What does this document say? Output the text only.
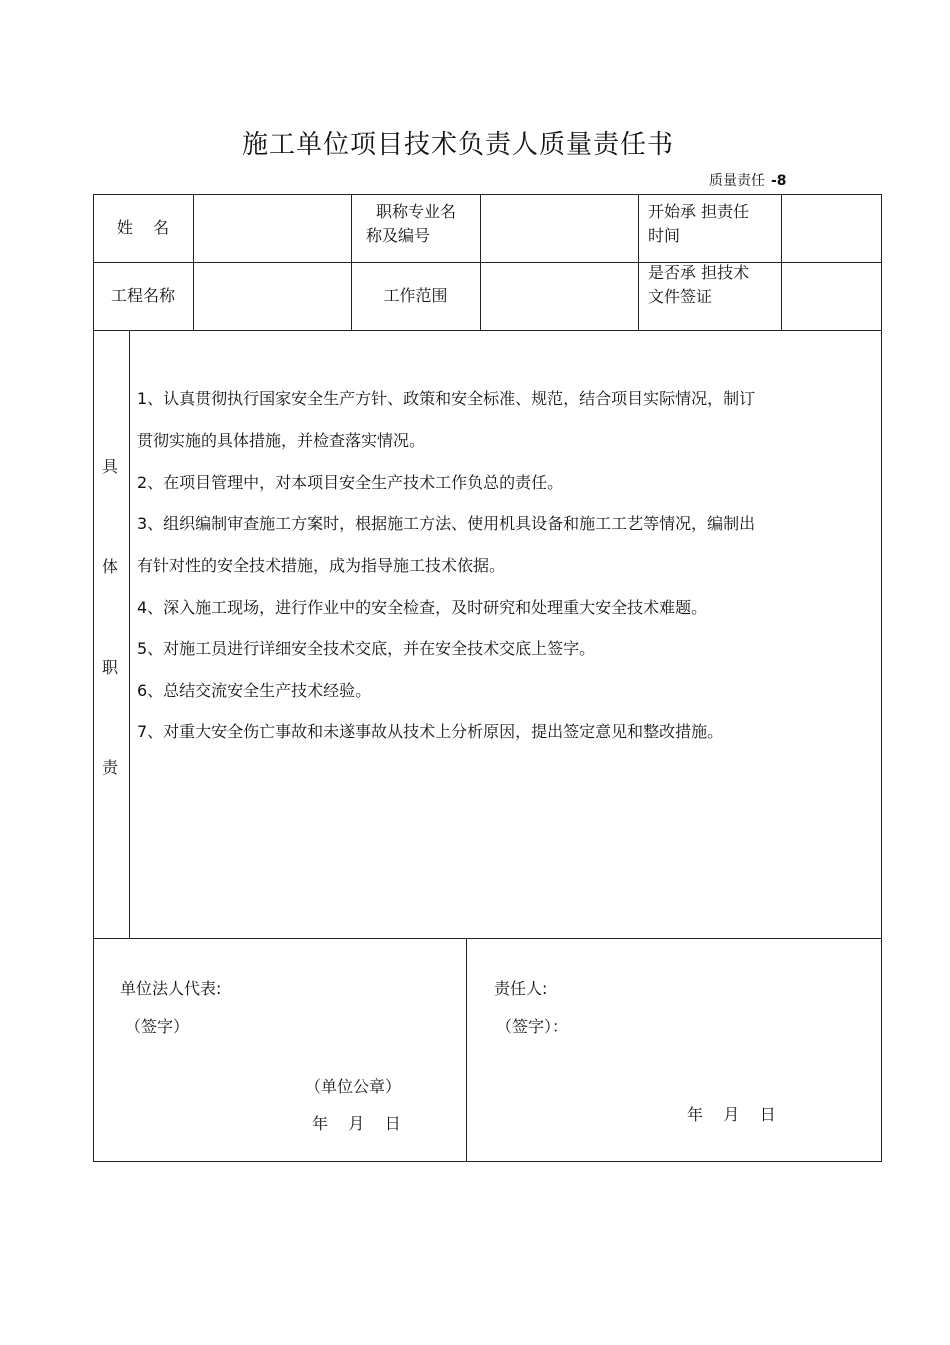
施工单位项目技术负责人质量责任书
质量责任 -8
姓    名
职称专业名
称及编号
开始承 担责任
时间
工程名称	工作范围
是否承 担技术
文件签证
具
体
职
责
1、认真贯彻执行国家安全生产方针、政策和安全标准、规范，结合项目实际情况，制订
贯彻实施的具体措施，并检查落实情况。
2、在项目管理中，对本项目安全生产技术工作负总的责任。
3、组织编制审查施工方案时，根据施工方法、使用机具设备和施工工艺等情况，编制出
有针对性的安全技术措施，成为指导施工技术依据。
4、深入施工现场，进行作业中的安全检查，及时研究和处理重大安全技术难题。
5、对施工员进行详细安全技术交底，并在安全技术交底上签字。
6、总结交流安全生产技术经验。
7、对重大安全伤亡事故和未遂事故从技术上分析原因，提出签定意见和整改措施。
单位法人代表:
（签字）
（单位公章）
年    月    日
责任人:
（签字）：
年    月    日
